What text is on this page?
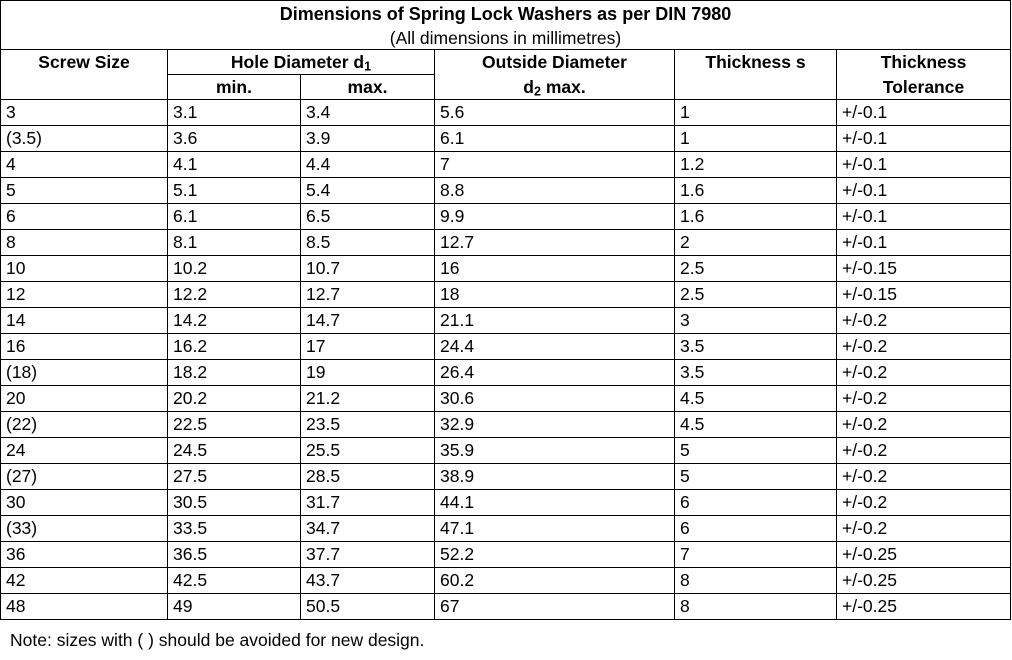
Dimensions of Spring Lock Washers as per DIN 7980					
(All dimensions in millimetres)					
Screw Size	Hole Diameter $d_1$		Outside Diameter	Thickness s	Thickness
	min.	max.	$d_2$ max.		Tolerance
3	3.1	3.4	5.6	1	+/-0.1
(3.5)	3.6	3.9	6.1	1	+/-0.1
4	4.1	4.4	7	1.2	+/-0.1
5	5.1	5.4	8.8	1.6	+/-0.1
6	6.1	6.5	9.9	1.6	+/-0.1
8	8.1	8.5	12.7	2	+/-0.1
10	10.2	10.7	16	2.5	+/-0.15
12	12.2	12.7	18	2.5	+/-0.15
14	14.2	14.7	21.1	3	+/-0.2
16	16.2	17	24.4	3.5	+/-0.2
(18)	18.2	19	26.4	3.5	+/-0.2
20	20.2	21.2	30.6	4.5	+/-0.2
(22)	22.5	23.5	32.9	4.5	+/-0.2
24	24.5	25.5	35.9	5	+/-0.2
(27)	27.5	28.5	38.9	5	+/-0.2
30	30.5	31.7	44.1	6	+/-0.2
(33)	33.5	34.7	47.1	6	+/-0.2
36	36.5	37.7	52.2	7	+/-0.25
42	42.5	43.7	60.2	8	+/-0.25
48	49	50.5	67	8	+/-0.25
Note: sizes with ( ) should be avoided for new design.
